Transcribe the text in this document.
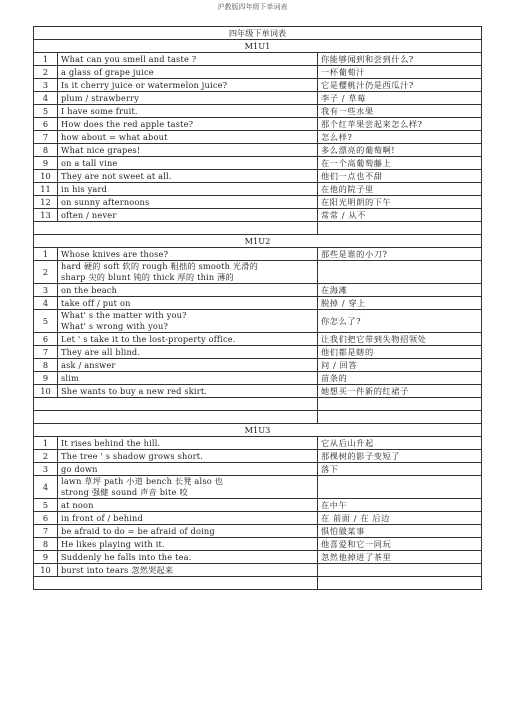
沪教版四年级下单词表
四年级下单词表		
M1U1		
1	What can you smell and taste ?	你能够闻到和尝到什么?
2	a glass of grape juice	一杯葡萄汁
3	Is it cherry juice or watermelon juice?	它是樱桃汁仍是西瓜汁?
4	plum / strawberry	李子 / 草莓
5	I have some fruit.	我有一些水果
6	How does the red apple taste?	那个红苹果尝起来怎么样?
7	how about = what about	怎么样?
8	What nice grapes!	多么漂亮的葡萄啊!
9	on a tall vine	在一个高葡萄藤上
10	They are not sweet at all.	他们一点也不甜
11	in his yard	在他的院子里
12	on sunny afternoons	在阳光明朗的下午
13	often / never	常常 / 从不

M1U2		
1	Whose knives are those?	那些是谁的小刀?
2	hard 硬的 soft 软的 rough 粗拙的 smooth 光滑的
sharp 尖的 blunt 钝的 thick 厚的 thin 薄的	

3	on the beach	在海滩
4	take off / put on	脱掉 / 穿上
5	What' s the matter with you?
What' s wrong with you?	你怎么了?
6	Let ' s take it to the lost-property office.	让我们把它带到失物招领处
7	They are all blind.	他们都是瞎的
8	ask / answer	问 / 回答
9	slim	苗条的
10	She wants to buy a new red skirt.	她想买一件新的红裙子

M1U3		
1	It rises behind the hill.	它从后山升起
2	The tree ' s shadow grows short.	那棵树的影子变短了
3	go down	落下
4	lawn 草坪 path 小道 bench 长凳 also 也
strong 强健 sound 声音 bite 咬	

5	at noon	在中午
6	in front of / behind	在 前面 / 在 后边
7	be afraid to do = be afraid of doing	惧怕做某事
8	He likes playing with it.	他喜爱和它一同玩
9	Suddenly he falls into the tea.	忽然他掉进了茶里
10	burst into tears 忽然哭起来	
